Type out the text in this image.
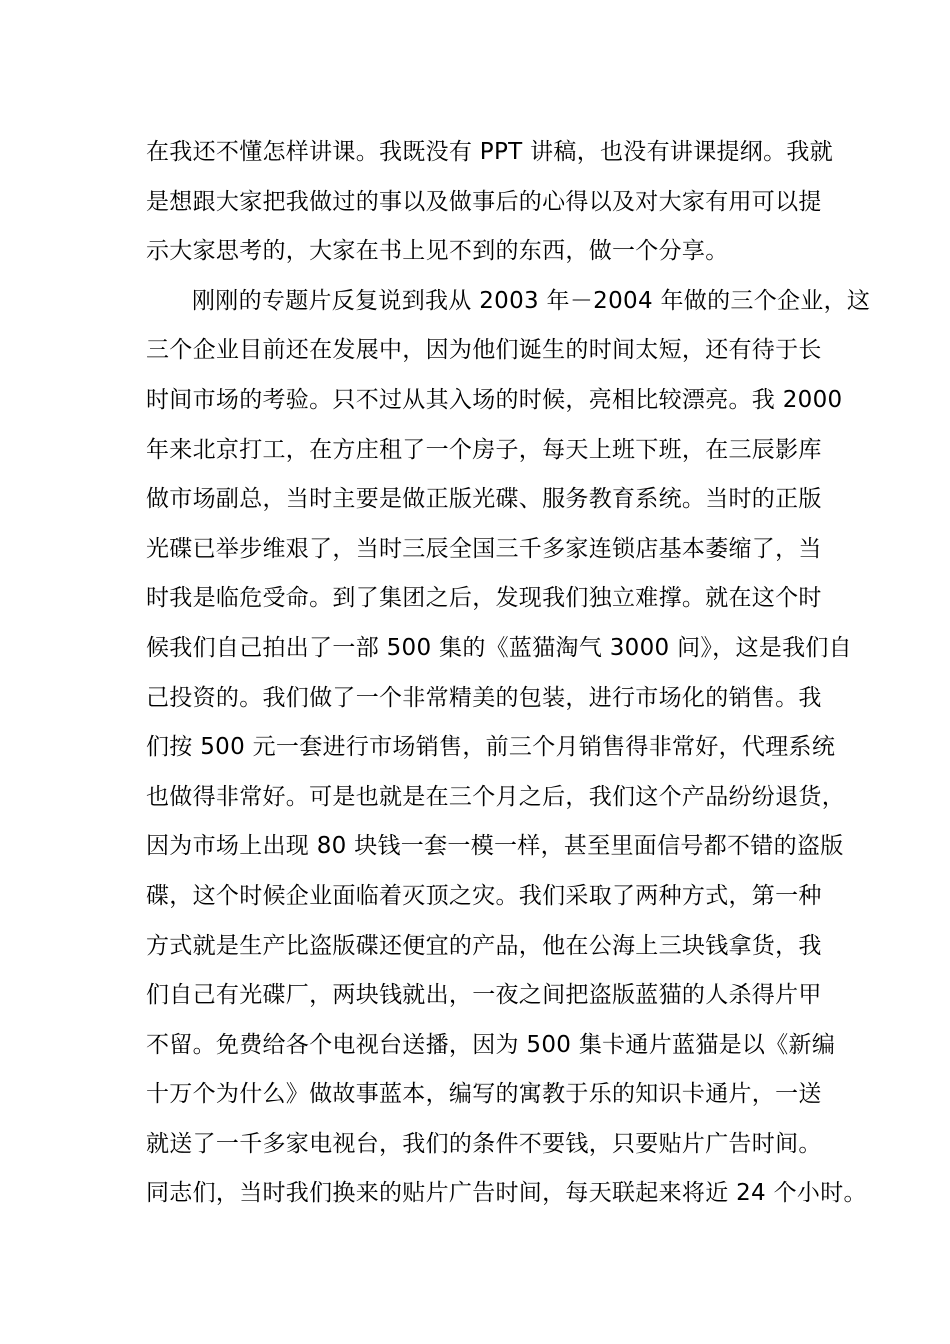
在我还不懂怎样讲课。我既没有 PPT 讲稿，也没有讲课提纲。我就
是想跟大家把我做过的事以及做事后的心得以及对大家有用可以提
示大家思考的，大家在书上见不到的东西，做一个分享。
刚刚的专题片反复说到我从 2003 年－2004 年做的三个企业，这
三个企业目前还在发展中，因为他们诞生的时间太短，还有待于长
时间市场的考验。只不过从其入场的时候，亮相比较漂亮。我 2000
年来北京打工，在方庄租了一个房子，每天上班下班，在三辰影库
做市场副总，当时主要是做正版光碟、服务教育系统。当时的正版
光碟已举步维艰了，当时三辰全国三千多家连锁店基本萎缩了，当
时我是临危受命。到了集团之后，发现我们独立难撑。就在这个时
候我们自己拍出了一部 500 集的《蓝猫淘气 3000 问》，这是我们自
己投资的。我们做了一个非常精美的包装，进行市场化的销售。我
们按 500 元一套进行市场销售，前三个月销售得非常好，代理系统
也做得非常好。可是也就是在三个月之后，我们这个产品纷纷退货，
因为市场上出现 80 块钱一套一模一样，甚至里面信号都不错的盗版
碟，这个时候企业面临着灭顶之灾。我们采取了两种方式，第一种
方式就是生产比盗版碟还便宜的产品，他在公海上三块钱拿货，我
们自己有光碟厂，两块钱就出，一夜之间把盗版蓝猫的人杀得片甲
不留。免费给各个电视台送播，因为 500 集卡通片蓝猫是以《新编
十万个为什么》做故事蓝本，编写的寓教于乐的知识卡通片，一送
就送了一千多家电视台，我们的条件不要钱，只要贴片广告时间。
同志们，当时我们换来的贴片广告时间，每天联起来将近 24 个小时。
